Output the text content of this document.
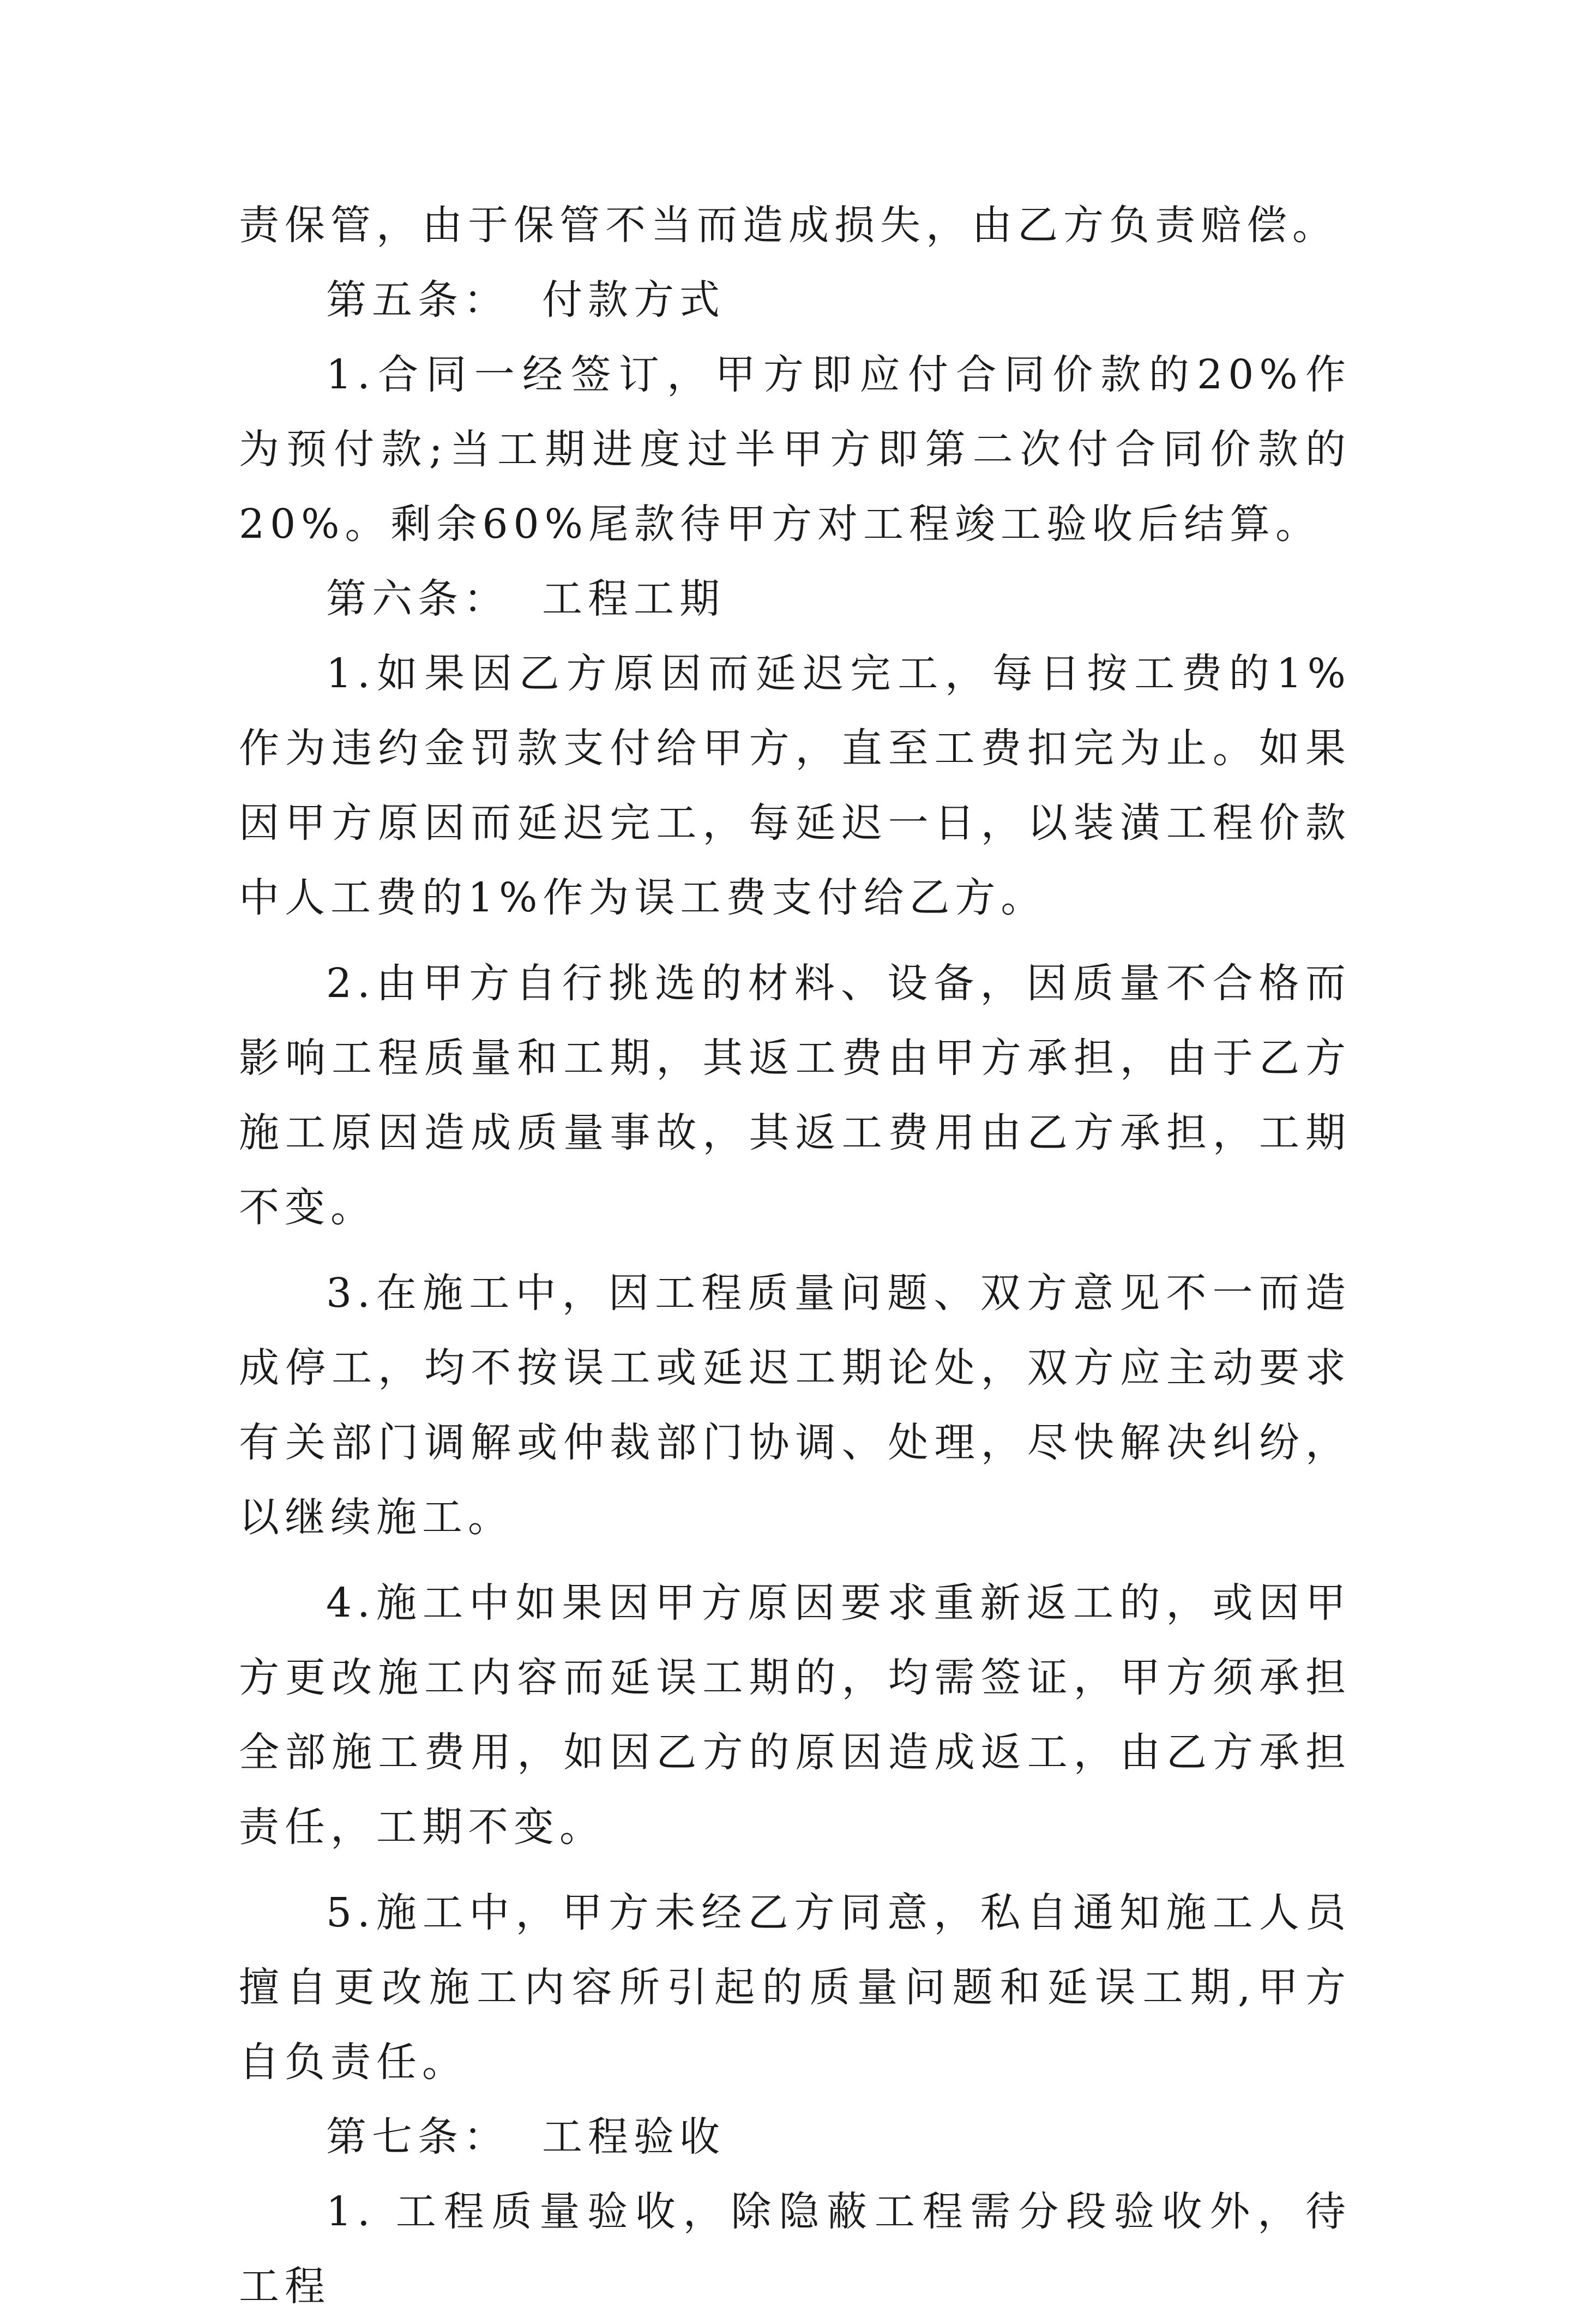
责保管，由于保管不当而造成损失，由乙方负责赔偿。

第五条： 付款方式

1.合同一经签订，甲方即应付合同价款的20%作为预付款;当工期进度过半甲方即第二次付合同价款的20%。剩余60%尾款待甲方对工程竣工验收后结算。

第六条： 工程工期

1.如果因乙方原因而延迟完工，每日按工费的1%作为违约金罚款支付给甲方，直至工费扣完为止。如果因甲方原因而延迟完工，每延迟一日，以装潢工程价款中人工费的1%作为误工费支付给乙方。

2.由甲方自行挑选的材料、设备，因质量不合格而影响工程质量和工期，其返工费由甲方承担，由于乙方施工原因造成质量事故，其返工费用由乙方承担，工期不变。

3.在施工中，因工程质量问题、双方意见不一而造成停工，均不按误工或延迟工期论处，双方应主动要求有关部门调解或仲裁部门协调、处理，尽快解决纠纷，以继续施工。

4.施工中如果因甲方原因要求重新返工的，或因甲方更改施工内容而延误工期的，均需签证，甲方须承担全部施工费用，如因乙方的原因造成返工，由乙方承担责任，工期不变。

5.施工中，甲方未经乙方同意，私自通知施工人员擅自更改施工内容所引起的质量问题和延误工期,甲方自负责任。

第七条： 工程验收

1. 工程质量验收，除隐蔽工程需分段验收外，待工程
